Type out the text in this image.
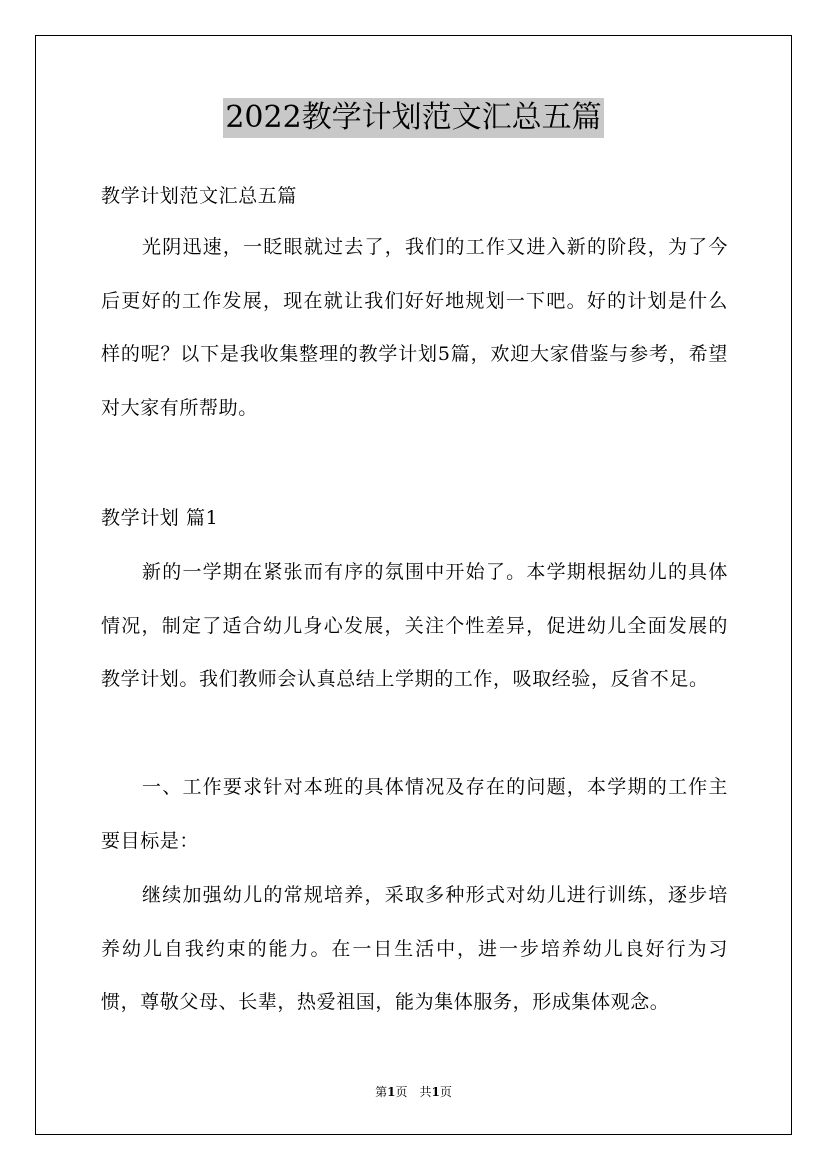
2022教学计划范文汇总五篇
教学计划范文汇总五篇
光阴迅速，一眨眼就过去了，我们的工作又进入新的阶段，为了今后更好的工作发展，现在就让我们好好地规划一下吧。好的计划是什么样的呢？以下是我收集整理的教学计划5篇，欢迎大家借鉴与参考，希望对大家有所帮助。
教学计划 篇1
新的一学期在紧张而有序的氛围中开始了。本学期根据幼儿的具体情况，制定了适合幼儿身心发展，关注个性差异，促进幼儿全面发展的教学计划。我们教师会认真总结上学期的工作，吸取经验，反省不足。
一、工作要求针对本班的具体情况及存在的问题，本学期的工作主要目标是：
继续加强幼儿的常规培养，采取多种形式对幼儿进行训练，逐步培养幼儿自我约束的能力。在一日生活中，进一步培养幼儿良好行为习惯，尊敬父母、长辈，热爱祖国，能为集体服务，形成集体观念。
第1页　共1页
